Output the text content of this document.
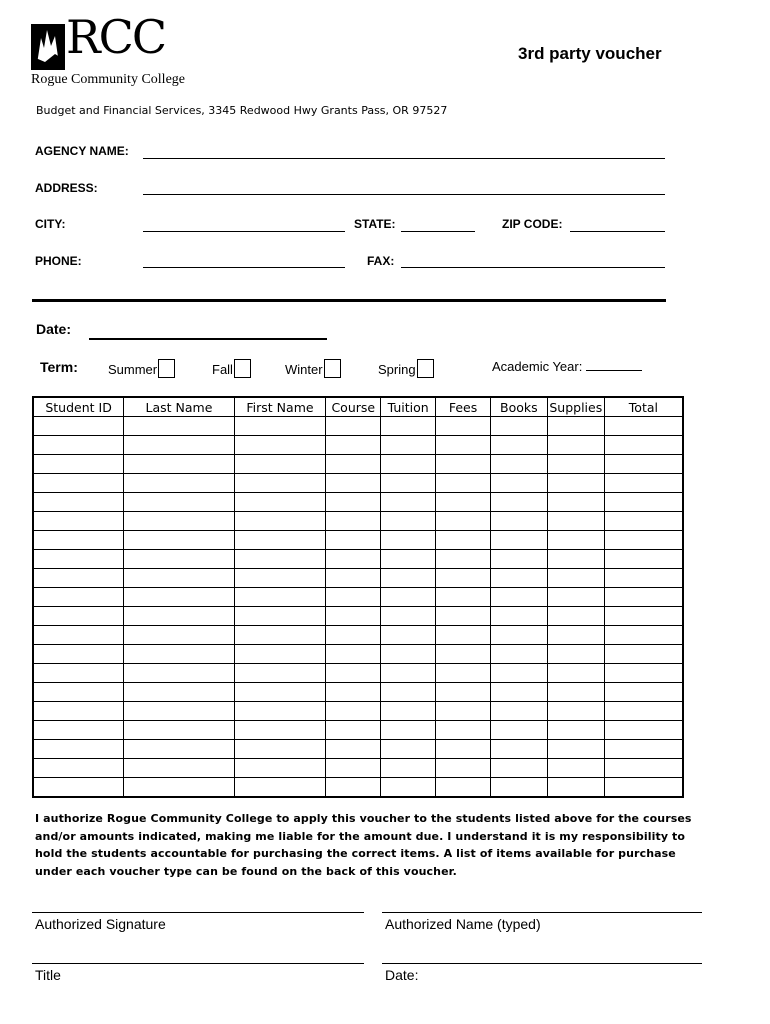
RCC
Rogue Community College
3rd party voucher
Budget and Financial Services, 3345 Redwood Hwy Grants Pass, OR 97527
AGENCY NAME:
ADDRESS:
CITY:	STATE:	ZIP CODE:
PHONE:	FAX:
Date:
Term: Summer	Fall	Winter	Spring	Academic Year:
Student ID	Last Name	First Name	Course	Tuition	Fees	Books	Supplies	Total

I authorize Rogue Community College to apply this voucher to the students listed above for the courses and/or amounts indicated, making me liable for the amount due. I understand it is my responsibility to hold the students accountable for purchasing the correct items. A list of items available for purchase under each voucher type can be found on the back of this voucher.
Authorized Signature	Authorized Name (typed)
Title	Date:
